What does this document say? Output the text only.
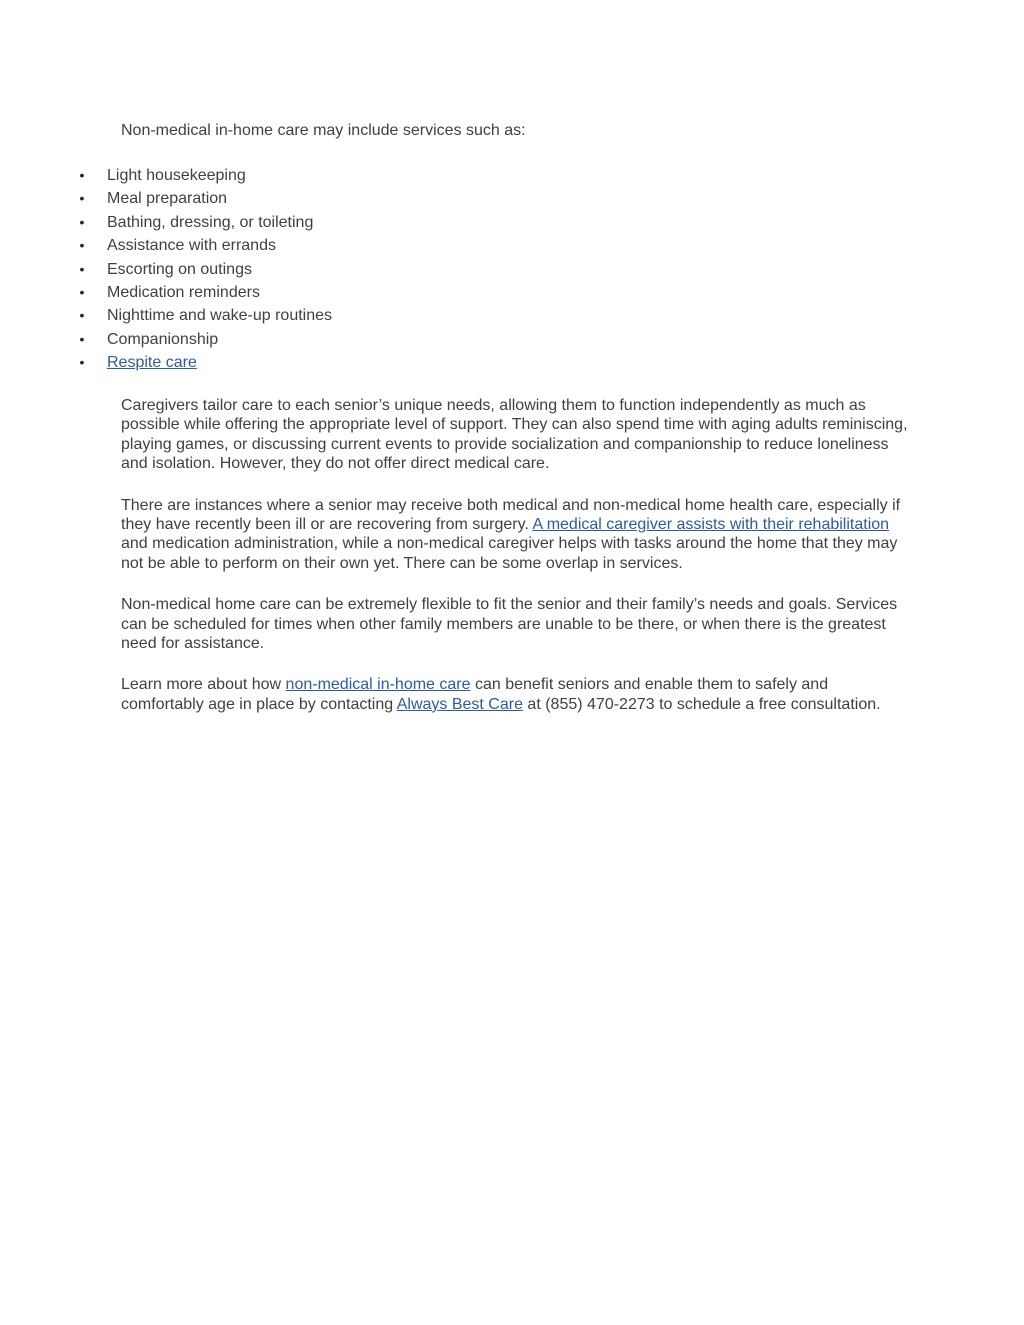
Non-medical in-home care may include services such as:

• Light housekeeping
• Meal preparation
• Bathing, dressing, or toileting
• Assistance with errands
• Escorting on outings
• Medication reminders
• Nighttime and wake-up routines
• Companionship
• Respite care

Caregivers tailor care to each senior’s unique needs, allowing them to function independently as much as possible while offering the appropriate level of support. They can also spend time with aging adults reminiscing, playing games, or discussing current events to provide socialization and companionship to reduce loneliness and isolation. However, they do not offer direct medical care.

There are instances where a senior may receive both medical and non-medical home health care, especially if they have recently been ill or are recovering from surgery. A medical caregiver assists with their rehabilitation and medication administration, while a non-medical caregiver helps with tasks around the home that they may not be able to perform on their own yet. There can be some overlap in services.

Non-medical home care can be extremely flexible to fit the senior and their family’s needs and goals. Services can be scheduled for times when other family members are unable to be there, or when there is the greatest need for assistance.

Learn more about how non-medical in-home care can benefit seniors and enable them to safely and comfortably age in place by contacting Always Best Care at (855) 470-2273 to schedule a free consultation.
